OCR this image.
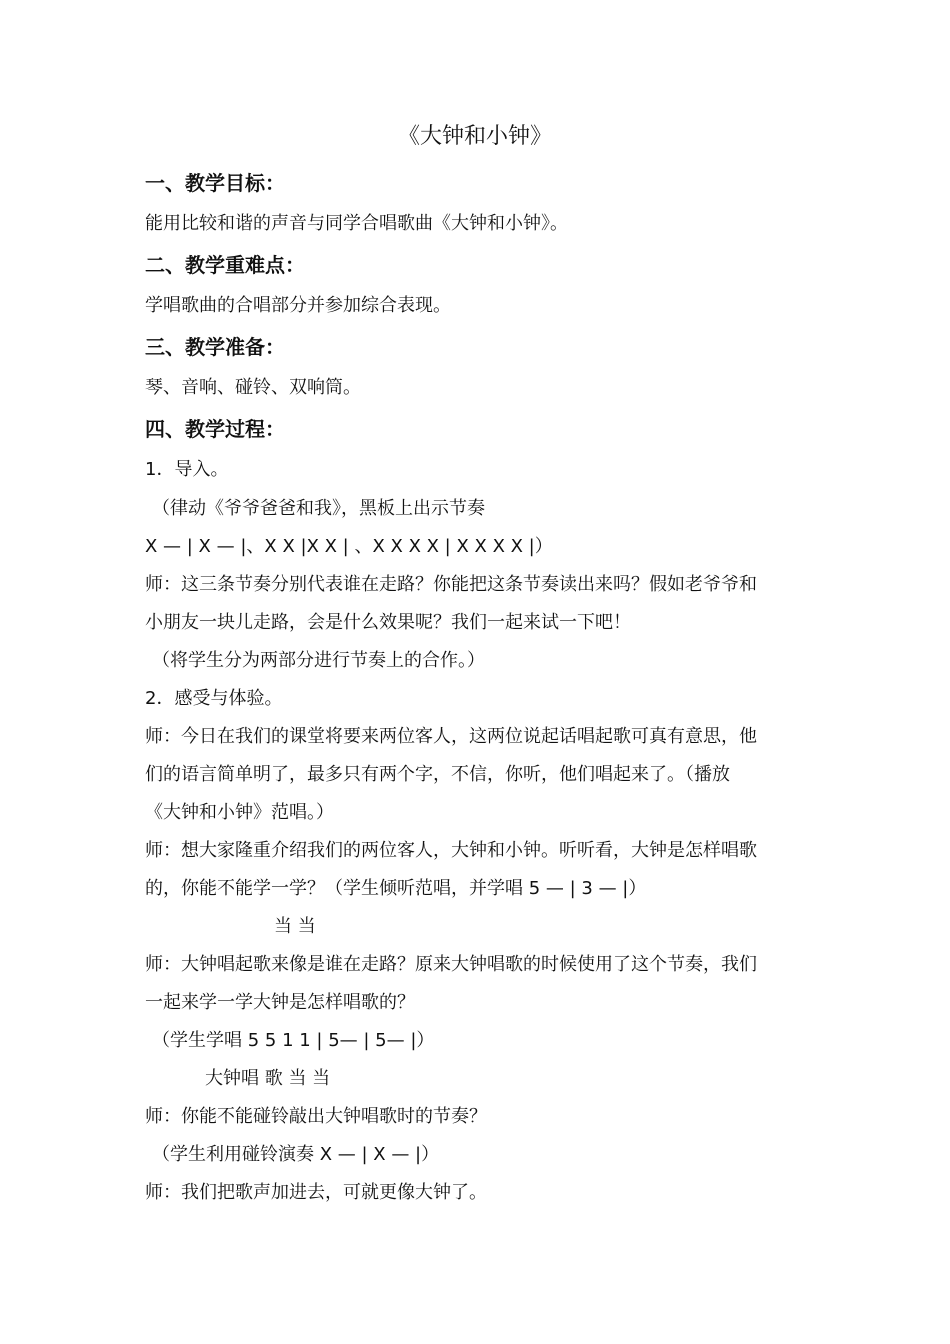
《大钟和小钟》
一、教学目标：
能用比较和谐的声音与同学合唱歌曲《大钟和小钟》。
二、教学重难点：
学唱歌曲的合唱部分并参加综合表现。
三、教学准备：
琴、音响、碰铃、双响筒。
四、教学过程：
1．导入。
（律动《爷爷爸爸和我》，黑板上出示节奏
X — | X — |、X X |X X | 、X X X X | X X X X |）
师：这三条节奏分别代表谁在走路？你能把这条节奏读出来吗？假如老爷爷和
小朋友一块儿走路，会是什么效果呢？我们一起来试一下吧！
（将学生分为两部分进行节奏上的合作。）
2．感受与体验。
师：今日在我们的课堂将要来两位客人，这两位说起话唱起歌可真有意思，他
们的语言简单明了，最多只有两个字，不信，你听，他们唱起来了。（播放
《大钟和小钟》范唱。）
师：想大家隆重介绍我们的两位客人，大钟和小钟。听听看，大钟是怎样唱歌
的，你能不能学一学？（学生倾听范唱，并学唱 5 — | 3 — |）
当 当
师：大钟唱起歌来像是谁在走路？原来大钟唱歌的时候使用了这个节奏，我们
一起来学一学大钟是怎样唱歌的？
（学生学唱 5 5 1 1 | 5— | 5— |）
大钟唱 歌 当 当
师：你能不能碰铃敲出大钟唱歌时的节奏？
（学生利用碰铃演奏 X — | X — |）
师：我们把歌声加进去，可就更像大钟了。
